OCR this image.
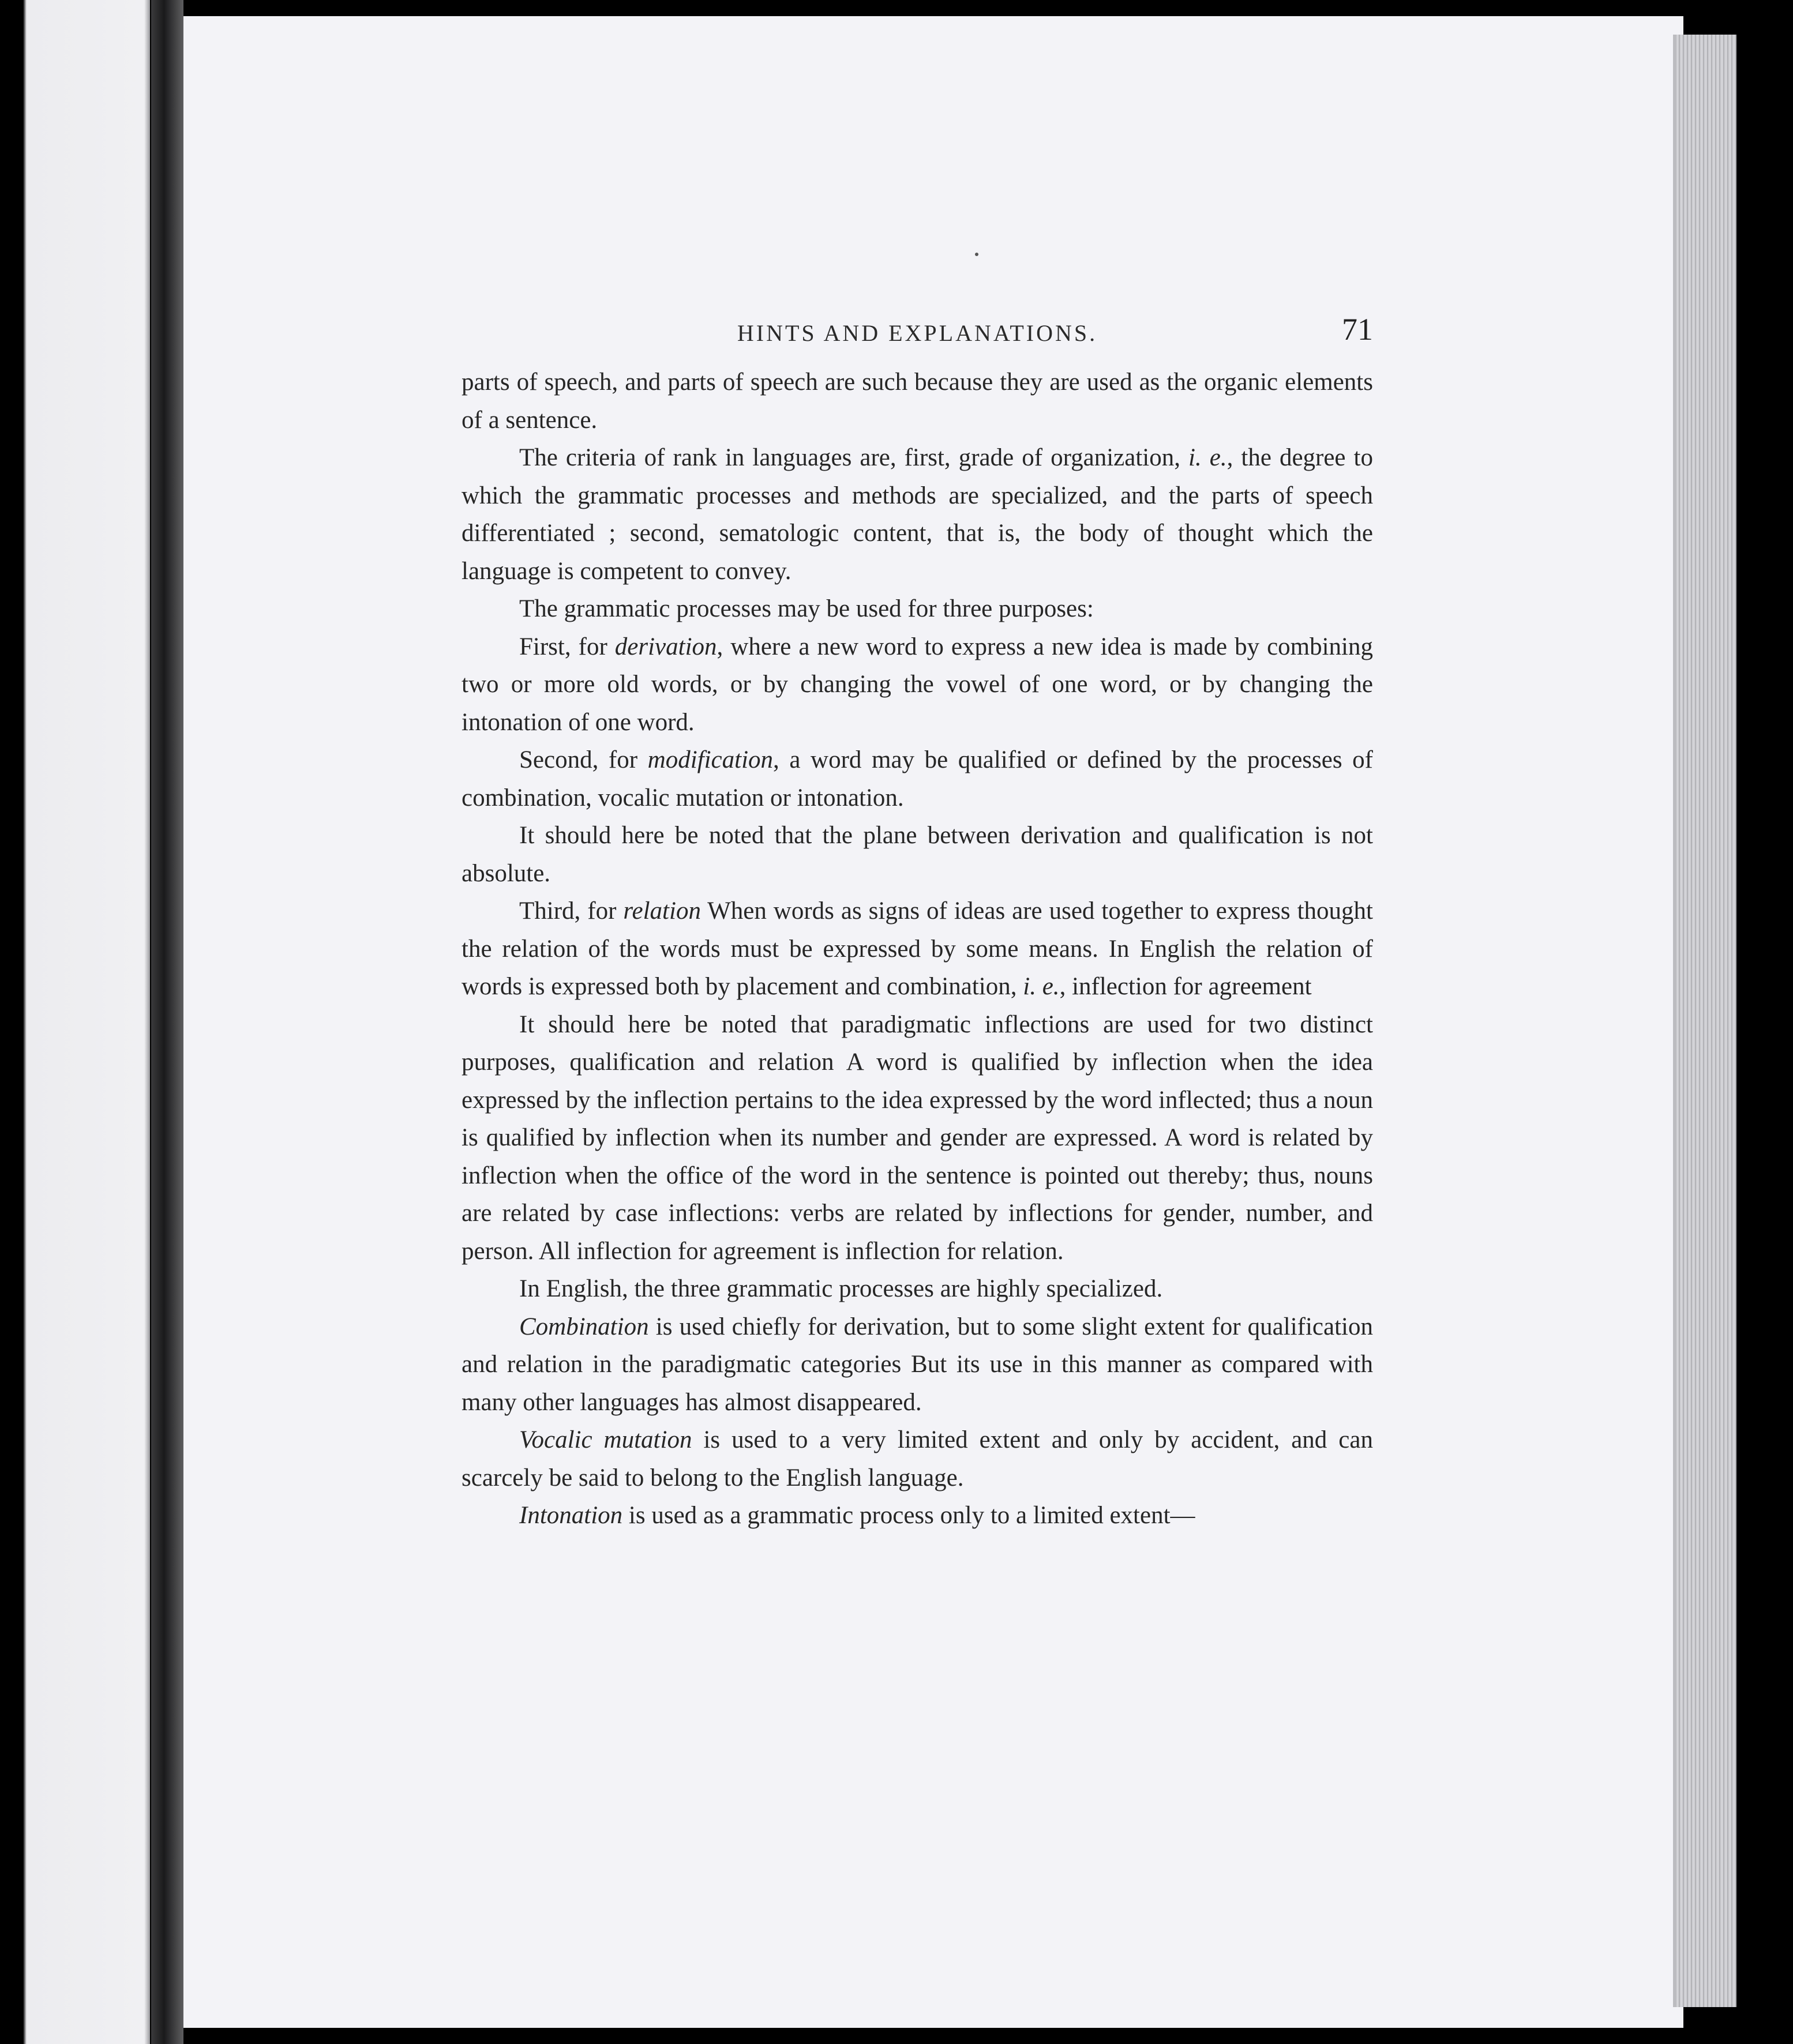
HINTS AND EXPLANATIONS.	71

parts of speech, and parts of speech are such because they are used as the organic elements of a sentence.

The criteria of rank in languages are, first, grade of organization, i. e., the degree to which the grammatic processes and methods are specialized, and the parts of speech differentiated ; second, sematologic content, that is, the body of thought which the language is competent to convey.

The grammatic processes may be used for three purposes:

First, for derivation, where a new word to express a new idea is made by combining two or more old words, or by changing the vowel of one word, or by changing the intonation of one word.

Second, for modification, a word may be qualified or defined by the processes of combination, vocalic mutation or intonation.

It should here be noted that the plane between derivation and qualification is not absolute.

Third, for relation When words as signs of ideas are used together to express thought the relation of the words must be expressed by some means. In English the relation of words is expressed both by placement and combination, i. e., inflection for agreement

It should here be noted that paradigmatic inflections are used for two distinct purposes, qualification and relation A word is qualified by inflection when the idea expressed by the inflection pertains to the idea expressed by the word inflected; thus a noun is qualified by inflection when its number and gender are expressed. A word is related by inflection when the office of the word in the sentence is pointed out thereby; thus, nouns are related by case inflections: verbs are related by inflections for gender, number, and person. All inflection for agreement is inflection for relation.

In English, the three grammatic processes are highly specialized.

Combination is used chiefly for derivation, but to some slight extent for qualification and relation in the paradigmatic categories But its use in this manner as compared with many other languages has almost disappeared.

Vocalic mutation is used to a very limited extent and only by accident, and can scarcely be said to belong to the English language.

Intonation is used as a grammatic process only to a limited extent—
